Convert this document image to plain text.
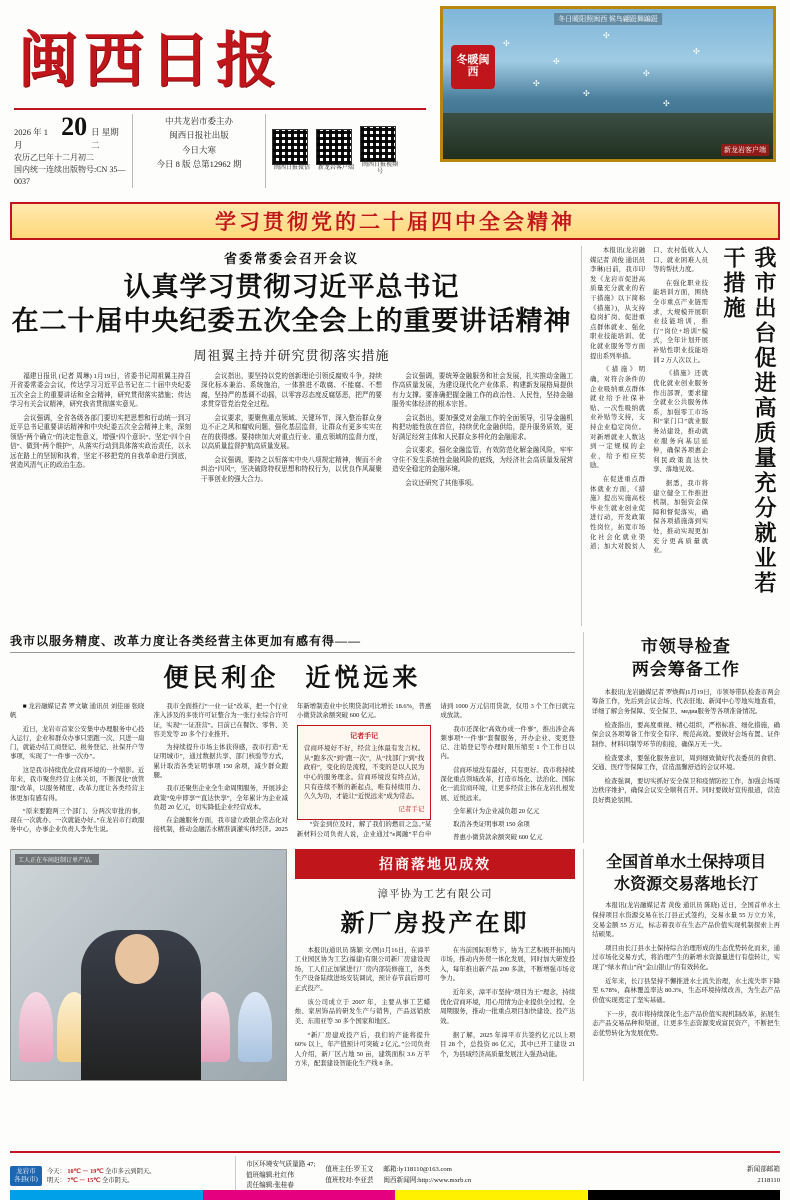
闽西日报
2026 年 1 月
20 日 星期二
农历乙巳年十二月初二
国内统一连续出版物号:CN 35—0037
中共龙岩市委主办
闽西日报社出版
今日大寒
今日 8 版 总第12962 期	闽西日报微信	新龙岩客户端
闽西日报视频号
冬日暖阳照闽西 候鸟翩跹舞蹁跹
冬暖闽西
✣
✣
✣
✣
✣
✣
✣
✣
新龙岩客户端
学习贯彻党的二十届四中全会精神
省委常委会召开会议
认真学习贯彻习近平总书记
在二十届中央纪委五次全会上的重要讲话精神
周祖翼主持并研究贯彻落实措施

福建日报讯 (记者 周琳) 1月19日，省委书记周祖翼主持召开省委常委会会议，传达学习习近平总书记在二十届中央纪委五次全会上的重要讲话和全会精神，研究贯彻落实措施；传达学习有关会议精神，研究我省贯彻落实意见。

会议强调，全省各级各部门要切实把思想和行动统一到习近平总书记重要讲话精神和中央纪委五次全会精神上来，深刻领悟“两个确立”的决定性意义，增强“四个意识”、坚定“四个自信”、做到“两个维护”，从落实行动到具体落实政治责任，以永远在路上的坚韧和执着，坚定不移把党的自我革命进行到底，营造风清气正的政治生态。

会议指出，要坚持以党的创新理论引领反腐败斗争，持续深化标本兼治、系统施治，一体推进不敢腐、不能腐、不想腐，坚持严的基调不动摇，以零容忍态度反腐惩恶，把严的要求贯穿管党治党全过程。

会议要求，要聚焦重点领域、关键环节，深入整治群众身边不正之风和腐败问题，强化基层监督，让群众有更多实实在在的获得感。要持续加大对重点行业、重点领域的监督力度，以高质量监督护航高质量发展。

会议强调，要持之以恒落实中央八项规定精神，锲而不舍纠治“四风”，坚决破除特权思想和特权行为，以优良作风凝聚干事创业的强大合力。

会议强调，要统筹金融服务和社会发展，扎实推动金融工作高质量发展，为建设现代化产业体系、构建新发展格局提供有力支撑。要准确把握金融工作的政治性、人民性，坚持金融服务实体经济的根本宗旨。

会议指出，要加强党对金融工作的全面领导，引导金融机构把功能性放在首位，持续优化金融供给，提升服务质效，更好满足经营主体和人民群众多样化的金融需求。

会议要求，强化金融监管，有效防范化解金融风险，牢牢守住不发生系统性金融风险的底线，为经济社会高质量发展营造安全稳定的金融环境。

会议还研究了其他事项。	我市出台促进高质量充分就业若干措施

本报讯(龙岩融媒记者 黄俊 通讯员 李琳)日前，我市印发《龙岩市促进高质量充分就业的若干措施》以下简称《措施》)，从支持稳岗扩岗、促进重点群体就业、强化职业技能培训、优化就业服务等方面提出系列举措。

《措施》明确，对符合条件的企业吸纳重点群体就业给予社保补贴、一次性吸纳就业补贴等支持，支持企业稳定岗位。对新增就业人数达到一定规模的企业，给予相应奖励。

在促进重点群体就业方面，《措施》提出实施高校毕业生就业创业促进行动，开发政策性岗位，拓宽市场化社会化就业渠道；加大对脱贫人口、农村低收入人口、就业困难人员等的帮扶力度。

在强化职业技能培训方面，围绕全市重点产业链需求，大规模开展职业技能培训，推行“岗位+培训”模式，全年计划开展补贴性职业技能培训 2 万人次以上。

《措施》还就优化就业创业服务作出部署，要求健全就业公共服务体系，加强零工市场和“家门口”就业服务站建设，推动就业服务向基层延伸，确保各项惠企利民政策直达快享、落地见效。

据悉，我市将建立健全工作推进机制，加强资金保障和督促落实，确保各项措施落到实处，推动实现更加充分更高质量就业。

我市以服务精度、改革力度让各类经营主体更加有感有得——
便民利企 近悦远来

■ 龙岩融媒记者 罗文敏 通讯员 刘佳丽 张晓帆

近日，龙岩市首家公安集中办理服务中心投入运行，企业和群众办事只需跑一次、只进一扇门，就能办结工商登记、税务登记、社保开户等事项，实现了“一件事一次办”。

这是我市持续优化营商环境的一个缩影。近年来，我市聚焦经营主体关切，不断深化“放管服”改革，以服务精度、改革力度让各类经营主体更加有感有得。

“原来要跑两三个部门、分两次审批的事，现在一次就办、一次就能办好。”在龙岩市行政服务中心，办事企业负责人李先生说。

我市全面推行“一业一证”改革，把一个行业准入涉及的多张许可证整合为一张行业综合许可证，实现“一证准营”。目前已在餐饮、零售、美容美发等 20 多个行业推开。

为持续提升市场主体获得感，我市打造“无证明城市”，通过数据共享、部门核验等方式，累计取消各类证明事项 150 余项，减少群众跑腿。

我市还聚焦企业全生命周期服务，开展涉企政策“免申即享”“直达快享”，全年累计为企业减负超 20 亿元，切实降低企业经营成本。

在金融服务方面，我市建立政银企常态化对接机制，推动金融活水精准滴灌实体经济。2025 年新增制造业中长期贷款同比增长 18.6%，普惠小微贷款余额突破 600 亿元。

记者手记
营商环境好不好，经营主体最有发言权。从“跑多次”到“跑一次”，从“找部门”到“找政府”，变化的是流程，不变的是以人民为中心的服务理念。营商环境没有终点站，只有连续不断的新起点，唯有持续用力、久久为功，才能让“近悦远来”成为常态。
记者手记

“资金到位及时，解了我们的燃眉之急。”某新材料公司负责人说，企业通过“e闽融”平台申请到 1000 万元信用贷款，仅用 3 个工作日就完成放款。

我市还深化“高效办成一件事”，推出涉企高频事项“一件事”套餐服务，开办企业、变更登记、注销登记等办理时限压缩至 1 个工作日以内。

营商环境没有最好，只有更好。我市将持续深化重点领域改革，打造市场化、法治化、国际化一流营商环境，让更多经营主体在龙岩扎根发展、近悦远来。

全年累计为企业减负超 20 亿元

取消各类证明事项 150 余项

普惠小微贷款余额突破 600 亿元

市领导检查
两会筹备工作

本报讯(龙岩融媒记者 罗焕辉)1月19日，市领导带队检查市两会筹备工作，先后到会议会场、代表驻地、新闻中心等地实地查看，详细了解会务保障、安全保卫、медиа服务等各项准备情况。

检查指出，要高度重视、精心组织，严格标准、细化措施，确保会议各项筹备工作安全有序、规范高效。要做好会场布置、证件制作、材料印制等环节的衔接，确保万无一失。

检查要求，要强化服务意识，周到细致做好代表委员的食宿、交通、医疗等保障工作，营造温馨舒适的会议环境。

检查强调，要切实抓好安全保卫和疫情防控工作，加强会场周边秩序维护，确保会议安全顺利召开。同时要做好宣传报道，营造良好舆论氛围。

工人正在车间赶制订单产品。	招商落地见成效
漳平协为工艺有限公司
新厂房投产在即

本报讯(通讯员 陈颖 文/图)1月16日，在漳平工业园区协为工艺(福建)有限公司新厂房建设现场，工人们正加紧进行厂房内部装修施工，各类生产设备陆续进场安装调试，预计春节前后即可正式投产。

该公司成立于 2007 年，主要从事工艺蜡烛、家居饰品的研发生产与销售，产品远销欧美、东南亚等 30 多个国家和地区。

“新厂房建成投产后，我们的产能将提升 60% 以上，年产值预计可突破 2 亿元。”公司负责人介绍，新厂区占地 50 亩，建筑面积 3.6 万平方米，配套建设智能化生产线 8 条。

在当前国际形势下，协为工艺积极开拓国内市场，推动内外贸一体化发展，同时加大研发投入，每年推出新产品 200 多款，不断增强市场竞争力。

近年来，漳平市坚持“项目为王”理念，持续优化营商环境，用心用情为企业提供全过程、全周期服务，推动一批重点项目加快建设、投产达效。

据了解，2025 年漳平市共签约亿元以上项目 28 个，总投资 86 亿元，其中已开工建设 21 个，为县域经济高质量发展注入强劲动能。

全国首单水土保持项目
水资源交易落地长汀

本报讯(龙岩融媒记者 黄俊 通讯员 陈晓) 近日，全国首单水土保持项目水资源交易在长汀县正式签约，交易水量 55 万立方米，交易金额 55 万元，标志着我市在生态产品价值实现机制探索上再结硕果。

项目由长汀县水土保持综合治理形成的生态优势转化而来，通过市场化交易方式，将治理产生的新增水资源量进行有偿转让，实现了“绿水青山”向“金山银山”的有效转化。

近年来，长汀县坚持不懈推进水土流失治理，水土流失率下降至 6.78%，森林覆盖率达 80.3%，生态环境持续改善，为生态产品价值实现奠定了坚实基础。

下一步，我市将持续深化生态产品价值实现机制改革，拓展生态产品交易品种和渠道，让更多生态资源变成富民资产，不断把生态优势转化为发展优势。

龙岩市
各县(市)
今天： 10℃ － 19℃ 全市多云到阴天。
明天： 7℃ － 15℃ 全市阴天。
市区环境安气质量路 47;
值班编辑:杜红伟
责任编辑:张桂春
值班主任:罗玉文
值班校对:李亚芸
邮箱:ly118110@163.com
闽西新闻网:http://www.mxrb.cn
新闻部邮箱
2118110
